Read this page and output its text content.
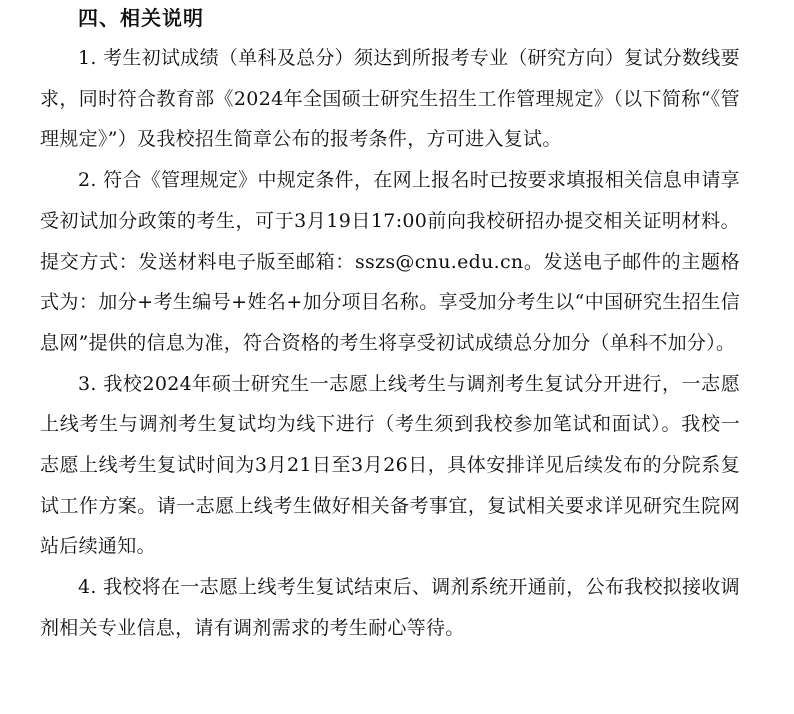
四、相关说明

1. 考生初试成绩（单科及总分）须达到所报考专业（研究方向）复试分数线要求，同时符合教育部《2024年全国硕士研究生招生工作管理规定》（以下简称“《管理规定》”）及我校招生简章公布的报考条件，方可进入复试。

2. 符合《管理规定》中规定条件，在网上报名时已按要求填报相关信息申请享受初试加分政策的考生，可于3月19日17:00前向我校研招办提交相关证明材料。提交方式：发送材料电子版至邮箱：sszs@cnu.edu.cn。发送电子邮件的主题格式为：加分+考生编号+姓名+加分项目名称。享受加分考生以“中国研究生招生信息网”提供的信息为准，符合资格的考生将享受初试成绩总分加分（单科不加分）。

3. 我校2024年硕士研究生一志愿上线考生与调剂考生复试分开进行，一志愿上线考生与调剂考生复试均为线下进行（考生须到我校参加笔试和面试）。我校一志愿上线考生复试时间为3月21日至3月26日，具体安排详见后续发布的分院系复试工作方案。请一志愿上线考生做好相关备考事宜，复试相关要求详见研究生院网站后续通知。

4. 我校将在一志愿上线考生复试结束后、调剂系统开通前，公布我校拟接收调剂相关专业信息，请有调剂需求的考生耐心等待。
